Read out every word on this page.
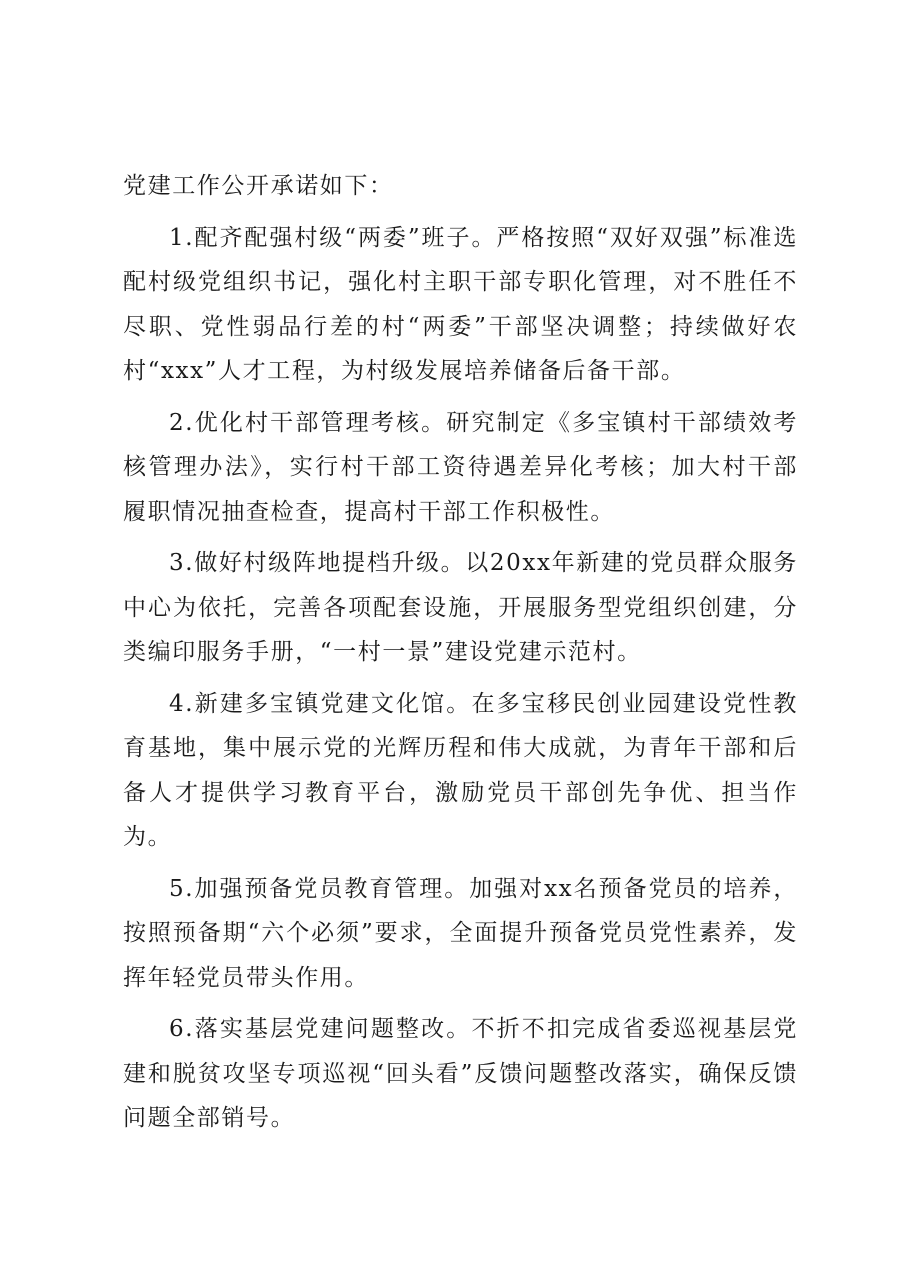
党建工作公开承诺如下：

1.配齐配强村级“两委”班子。严格按照“双好双强”标准选配村级党组织书记，强化村主职干部专职化管理，对不胜任不尽职、党性弱品行差的村“两委”干部坚决调整；持续做好农村“xxx”人才工程，为村级发展培养储备后备干部。

2.优化村干部管理考核。研究制定《多宝镇村干部绩效考核管理办法》，实行村干部工资待遇差异化考核；加大村干部履职情况抽查检查，提高村干部工作积极性。

3.做好村级阵地提档升级。以20xx年新建的党员群众服务中心为依托，完善各项配套设施，开展服务型党组织创建，分类编印服务手册，“一村一景”建设党建示范村。

4.新建多宝镇党建文化馆。在多宝移民创业园建设党性教育基地，集中展示党的光辉历程和伟大成就，为青年干部和后备人才提供学习教育平台，激励党员干部创先争优、担当作为。

5.加强预备党员教育管理。加强对xx名预备党员的培养，按照预备期“六个必须”要求，全面提升预备党员党性素养，发挥年轻党员带头作用。

6.落实基层党建问题整改。不折不扣完成省委巡视基层党建和脱贫攻坚专项巡视“回头看”反馈问题整改落实，确保反馈问题全部销号。
